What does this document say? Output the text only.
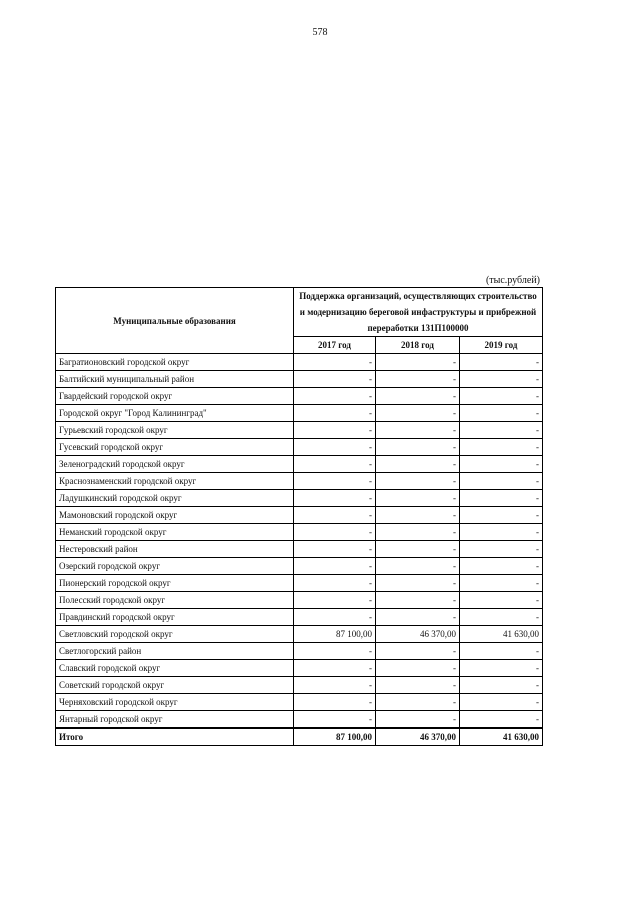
578
(тыс.рублей)
Муниципальные образования	Поддержка организаций, осуществляющих строительство и модернизацию береговой инфаструктуры и прибрежной переработки 131П100000		
	2017 год	2018 год	2019 год
Багратионовский городской округ	-	-	-
Балтийский муниципальный район	-	-	-
Гвардейский городской округ	-	-	-
Городской округ "Город Калининград"	-	-	-
Гурьевский городской округ	-	-	-
Гусевский городской округ	-	-	-
Зеленоградский городской округ	-	-	-
Краснознаменский городской округ	-	-	-
Ладушкинский городской округ	-	-	-
Мамоновский городской округ	-	-	-
Неманский городской округ	-	-	-
Нестеровский район	-	-	-
Озерский городской округ	-	-	-
Пионерский городской округ	-	-	-
Полесский городской округ	-	-	-
Правдинский городской округ	-	-	-
Светловский городской округ	87 100,00	46 370,00	41 630,00
Светлогорский район	-	-	-
Славский городской округ	-	-	-
Советский городской округ	-	-	-
Черняховский городской округ	-	-	-
Янтарный городской округ	-	-	-
Итого	87 100,00	46 370,00	41 630,00
